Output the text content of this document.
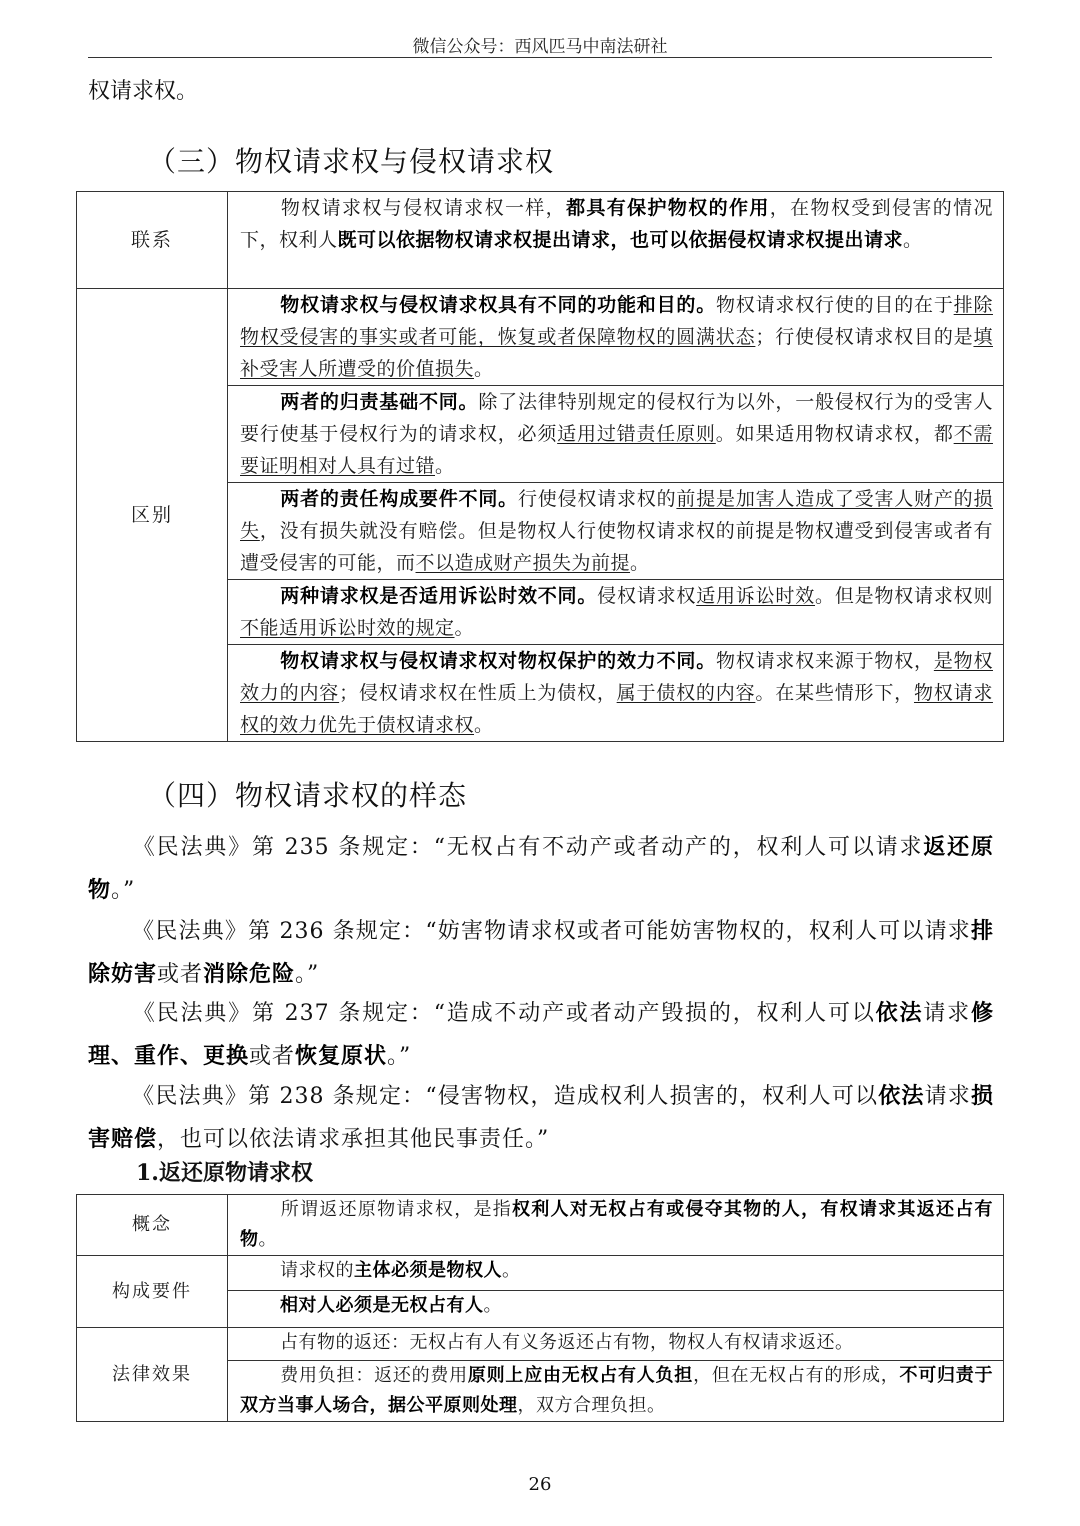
微信公众号：西风匹马中南法研社
权请求权。
（三）物权请求权与侵权请求权
联系	物权请求权与侵权请求权一样，都具有保护物权的作用，在物权受到侵害的情况下，权利人既可以依据物权请求权提出请求，也可以依据侵权请求权提出请求。
区别	物权请求权与侵权请求权具有不同的功能和目的。物权请求权行使的目的在于排除物权受侵害的事实或者可能，恢复或者保障物权的圆满状态；行使侵权请求权目的是填补受害人所遭受的价值损失。
	两者的归责基础不同。除了法律特别规定的侵权行为以外，一般侵权行为的受害人要行使基于侵权行为的请求权，必须适用过错责任原则。如果适用物权请求权，都不需要证明相对人具有过错。
	两者的责任构成要件不同。行使侵权请求权的前提是加害人造成了受害人财产的损失，没有损失就没有赔偿。但是物权人行使物权请求权的前提是物权遭受到侵害或者有遭受侵害的可能，而不以造成财产损失为前提。
	两种请求权是否适用诉讼时效不同。侵权请求权适用诉讼时效。但是物权请求权则不能适用诉讼时效的规定。
	物权请求权与侵权请求权对物权保护的效力不同。物权请求权来源于物权，是物权效力的内容；侵权请求权在性质上为债权，属于债权的内容。在某些情形下，物权请求权的效力优先于债权请求权。
（四）物权请求权的样态
《民法典》第 235 条规定：“无权占有不动产或者动产的，权利人可以请求返还原物。”
《民法典》第 236 条规定：“妨害物请求权或者可能妨害物权的，权利人可以请求排除妨害或者消除危险。”
《民法典》第 237 条规定：“造成不动产或者动产毁损的，权利人可以依法请求修理、重作、更换或者恢复原状。”
《民法典》第 238 条规定：“侵害物权，造成权利人损害的，权利人可以依法请求损害赔偿，也可以依法请求承担其他民事责任。”
1.返还原物请求权
概念	所谓返还原物请求权，是指权利人对无权占有或侵夺其物的人，有权请求其返还占有物。
构成要件	请求权的主体必须是物权人。
	相对人必须是无权占有人。
法律效果	占有物的返还：无权占有人有义务返还占有物，物权人有权请求返还。
	费用负担：返还的费用原则上应由无权占有人负担，但在无权占有的形成，不可归责于双方当事人场合，据公平原则处理，双方合理负担。
26
